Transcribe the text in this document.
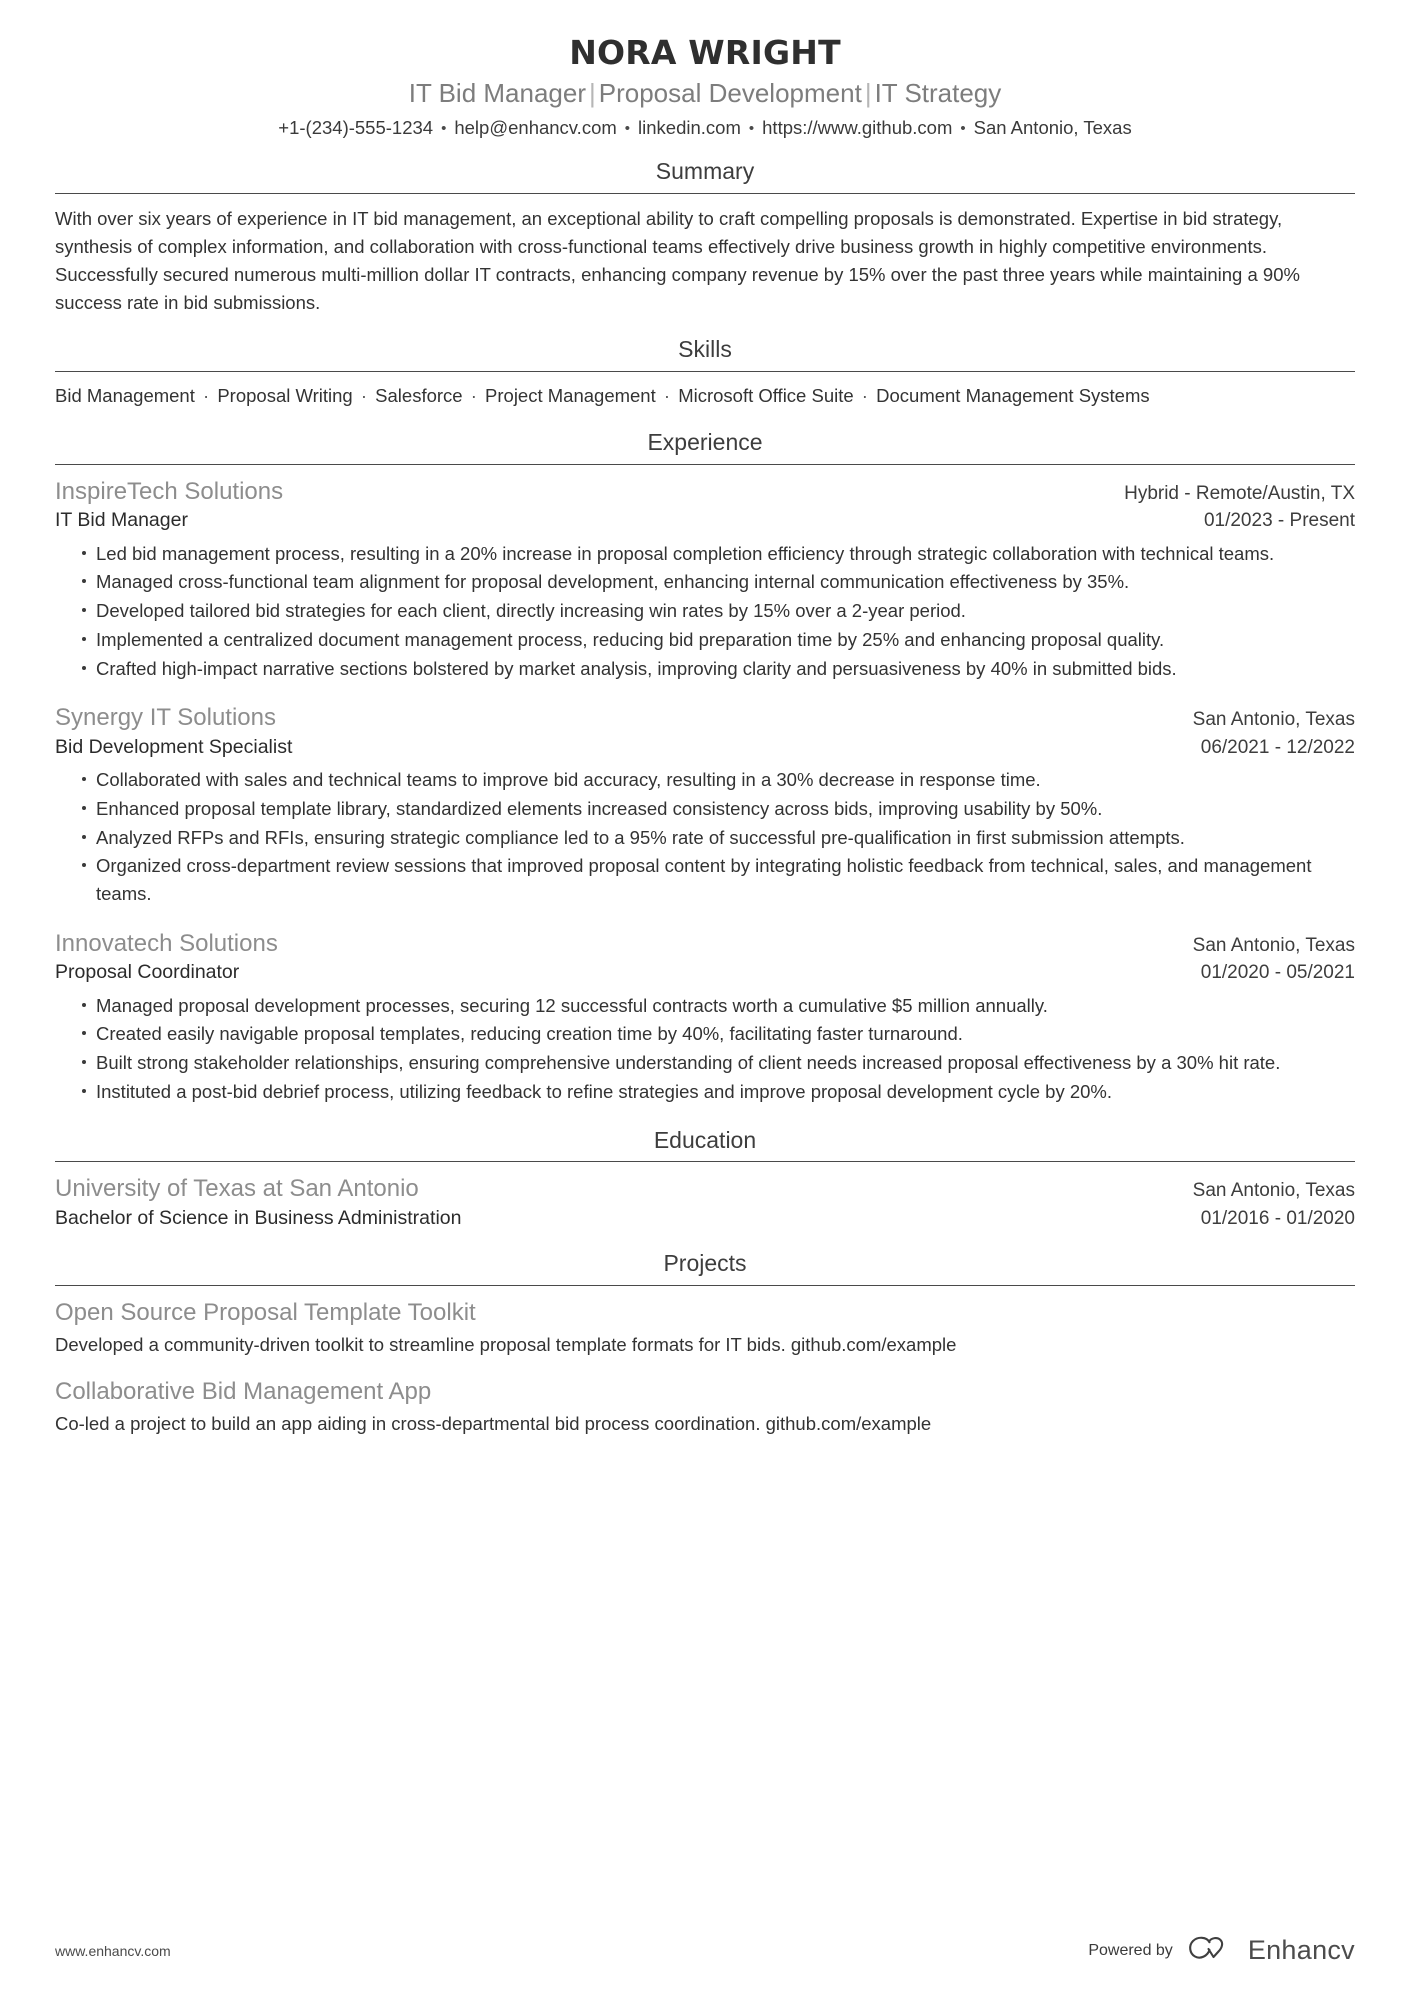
NORA WRIGHT
IT Bid Manager | Proposal Development | IT Strategy
+1-(234)-555-1234 • help@enhancv.com • linkedin.com • https://www.github.com • San Antonio, Texas
Summary
With over six years of experience in IT bid management, an exceptional ability to craft compelling proposals is demonstrated. Expertise in bid strategy, synthesis of complex information, and collaboration with cross-functional teams effectively drive business growth in highly competitive environments. Successfully secured numerous multi-million dollar IT contracts, enhancing company revenue by 15% over the past three years while maintaining a 90% success rate in bid submissions.
Skills
Bid Management · Proposal Writing · Salesforce · Project Management · Microsoft Office Suite · Document Management Systems
Experience
InspireTech Solutions	Hybrid - Remote/Austin, TX
IT Bid Manager	01/2023 - Present
Led bid management process, resulting in a 20% increase in proposal completion efficiency through strategic collaboration with technical teams.
Managed cross-functional team alignment for proposal development, enhancing internal communication effectiveness by 35%.
Developed tailored bid strategies for each client, directly increasing win rates by 15% over a 2-year period.
Implemented a centralized document management process, reducing bid preparation time by 25% and enhancing proposal quality.
Crafted high-impact narrative sections bolstered by market analysis, improving clarity and persuasiveness by 40% in submitted bids.
Synergy IT Solutions	San Antonio, Texas
Bid Development Specialist	06/2021 - 12/2022
Collaborated with sales and technical teams to improve bid accuracy, resulting in a 30% decrease in response time.
Enhanced proposal template library, standardized elements increased consistency across bids, improving usability by 50%.
Analyzed RFPs and RFIs, ensuring strategic compliance led to a 95% rate of successful pre-qualification in first submission attempts.
Organized cross-department review sessions that improved proposal content by integrating holistic feedback from technical, sales, and management teams.
Innovatech Solutions	San Antonio, Texas
Proposal Coordinator	01/2020 - 05/2021
Managed proposal development processes, securing 12 successful contracts worth a cumulative $5 million annually.
Created easily navigable proposal templates, reducing creation time by 40%, facilitating faster turnaround.
Built strong stakeholder relationships, ensuring comprehensive understanding of client needs increased proposal effectiveness by a 30% hit rate.
Instituted a post-bid debrief process, utilizing feedback to refine strategies and improve proposal development cycle by 20%.
Education
University of Texas at San Antonio	San Antonio, Texas
Bachelor of Science in Business Administration	01/2016 - 01/2020
Projects
Open Source Proposal Template Toolkit
Developed a community-driven toolkit to streamline proposal template formats for IT bids. github.com/example
Collaborative Bid Management App
Co-led a project to build an app aiding in cross-departmental bid process coordination. github.com/example
www.enhancv.com	Powered by	Enhancv
